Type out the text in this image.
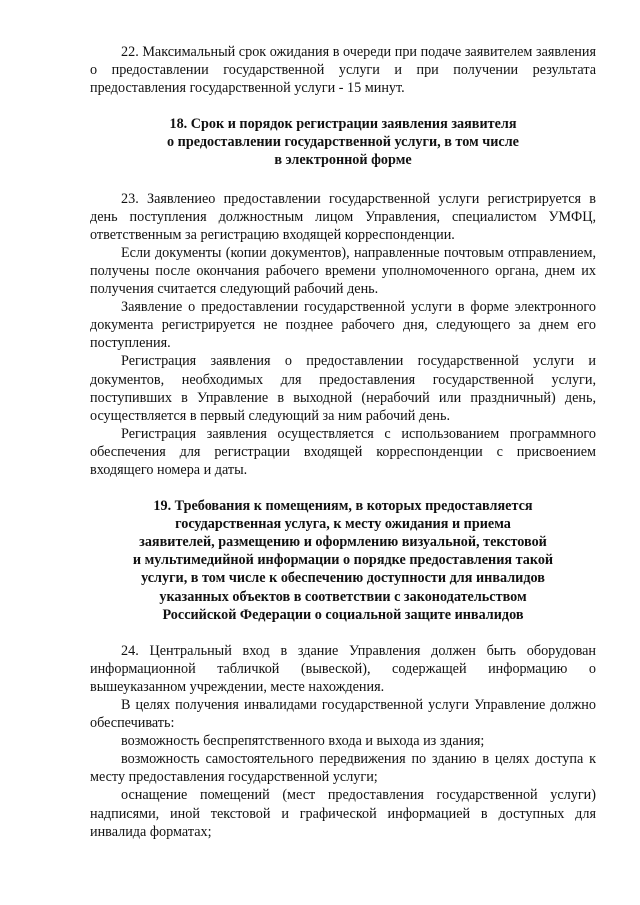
22. Максимальный срок ожидания в очереди при подаче заявителем заявления о предоставлении государственной услуги и при получении результата предоставления государственной услуги - 15 минут.

18. Срок и порядок регистрации заявления заявителя
о предоставлении государственной услуги, в том числе
в электронной форме

23. Заявлениео предоставлении государственной услуги регистрируется в день поступления должностным лицом Управления, специалистом УМФЦ, ответственным за регистрацию входящей корреспонденции.

Если документы (копии документов), направленные почтовым отправлением, получены после окончания рабочего времени уполномоченного органа, днем их получения считается следующий рабочий день.

Заявление о предоставлении государственной услуги в форме электронного документа регистрируется не позднее рабочего дня, следующего за днем его поступления.

Регистрация заявления о предоставлении государственной услуги и документов, необходимых для предоставления государственной услуги, поступивших в Управление в выходной (нерабочий или праздничный) день, осуществляется в первый следующий за ним рабочий день.

Регистрация заявления осуществляется с использованием программного обеспечения для регистрации входящей корреспонденции с присвоением входящего номера и даты.

19. Требования к помещениям, в которых предоставляется
государственная услуга, к месту ожидания и приема
заявителей, размещению и оформлению визуальной, текстовой
и мультимедийной информации о порядке предоставления такой
услуги, в том числе к обеспечению доступности для инвалидов
указанных объектов в соответствии с законодательством
Российской Федерации о социальной защите инвалидов

24. Центральный вход в здание Управления должен быть оборудован информационной табличкой (вывеской), содержащей информацию о вышеуказанном учреждении, месте нахождения.

В целях получения инвалидами государственной услуги Управление должно обеспечивать:

возможность беспрепятственного входа и выхода из здания;

возможность самостоятельного передвижения по зданию в целях доступа к месту предоставления государственной услуги;

оснащение помещений (мест предоставления государственной услуги) надписями, иной текстовой и графической информацией в доступных для инвалида форматах;
